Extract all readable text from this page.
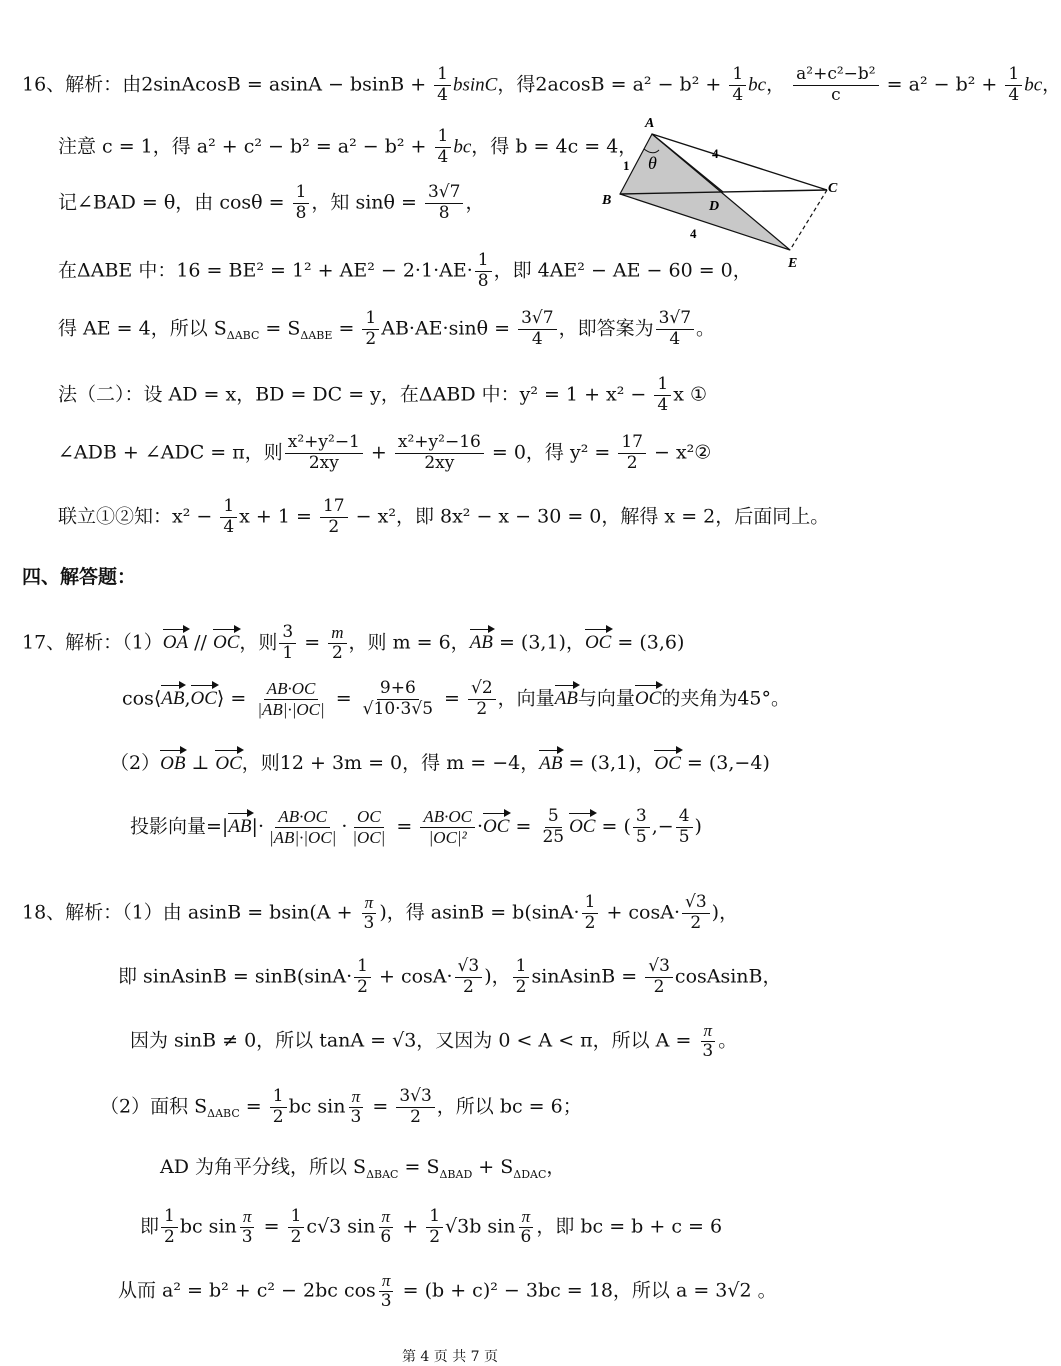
16、解析：由2sinAcosB = $asinA - bsinB + \frac{1}{4}$ bsinC，得$2acosB = a^2 - b^2 + \frac{1}{4}$ bc， $\frac{\text{a²+c²−b²}}{c} = a^2 - b^2 + \frac{1}{4}$ bc，
注意 c = 1，得 $a^2 + c^2 - b^2 = a^2 - b^2 + \frac{1}{4}$ bc，得 b = 4c = 4，
记∠BAD = θ，由 $\cos\theta = \frac{1}{8}$ ，知 $\sin\theta = \frac{3√7}{8}$ ，
在ΔABE 中：$16 = BE^2 = 1^2 + AE^2 - 2\cdot 1\cdot AE\cdot \frac{1}{8}$ ，即 4AE² − AE − 60 = 0，
得 AE = 4，所以 $S_{\Delta ABC} = S_{\Delta ABE} = \frac{1}{2} AB\cdot AE\cdot\sin\theta = \frac{3√7}{4}$ ，即答案为 $\frac{3√7}{4}$ 。
法（二）：设 AD = x，BD = DC = y，在ΔABD 中：$y^2 = 1 + x^2 - \frac{1}{4}$ x ①
∠ADB + ∠ADC = π，则 $\frac{\text{x²+y²−1}}{2xy} + \frac{\text{x²+y²−16}}{2xy} = 0$，得 $y^2 = \frac{17}{2}$ − x²②
联立①②知：$x^2 - \frac{1}{4}$ $x + 1 = \frac{17}{2} - x^2$，即 8x² − x − 30 = 0，解得 x = 2，后面同上。
A
B
C
D
E
θ
1
4
4
四、解答题：
17、解析：（1）OA // OC，则 $\frac{3}{1} = \frac{m}{2}$ ，则 m = 6，AB = (3,1)，OC = (3,6)
cos⟨AB,OC⟩ = $\frac{AB\cdot OC}{|AB|\cdot|OC|} = \frac{9+6}{√10\cdot 3√5} = \frac{√2}{2}$ ，向量AB与向量OC的夹角为45°。
（2）OB ⊥ OC，则12 + 3m = 0，得 m = −4，AB = (3,1)，OC = (3,−4)
投影向量$=|AB|\cdot \frac{AB\cdot OC}{|AB|\cdot|OC|} \cdot \frac{OC}{|OC|} = \frac{AB\cdot OC}{\text{|OC|²}} \cdot OC = \frac{5}{25}$ OC = ( $\frac{3}{5}$ ,− $\frac{4}{5}$ )
18、解析：（1）由 $asinB = bsin(A + \frac{\pi}{3}$ )，得 $asinB = b(\sin A\cdot \frac{1}{2} + \cos A\cdot \frac{√3}{2}$ )，
即 sinAsinB = $\sin B(\sin A\cdot \frac{1}{2} + \cos A\cdot \frac{√3}{2}$ )， $\frac{1}{2}$ sinAsinB = $\frac{√3}{2}$ cosAsinB，
因为 sinB ≠ 0，所以 tanA = √3，又因为 0 < A < π，所以 $A = \frac{\pi}{3}$ 。
（2）面积 $S_{\Delta ABC} = \frac{1}{2}$ bc $\sin \frac{\pi}{3} = \frac{3√3}{2}$ ，所以 bc = 6；
AD 为角平分线，所以 $S_{\Delta BAC} = S_{\Delta BAD} + S_{\Delta DAC}$，
即 $\frac{1}{2}$ bc $\sin \frac{\pi}{3} = \frac{1}{2} c√3$ $\sin \frac{\pi}{6} + \frac{1}{2} √3b$ $\sin \frac{\pi}{6}$ ，即 bc = b + c = 6
从而 a² = b² + c² − 2bc $\cos \frac{\pi}{3} = (b + c)^2 - 3bc = 18$，所以 a = 3√2 。
第 4 页 共 7 页
